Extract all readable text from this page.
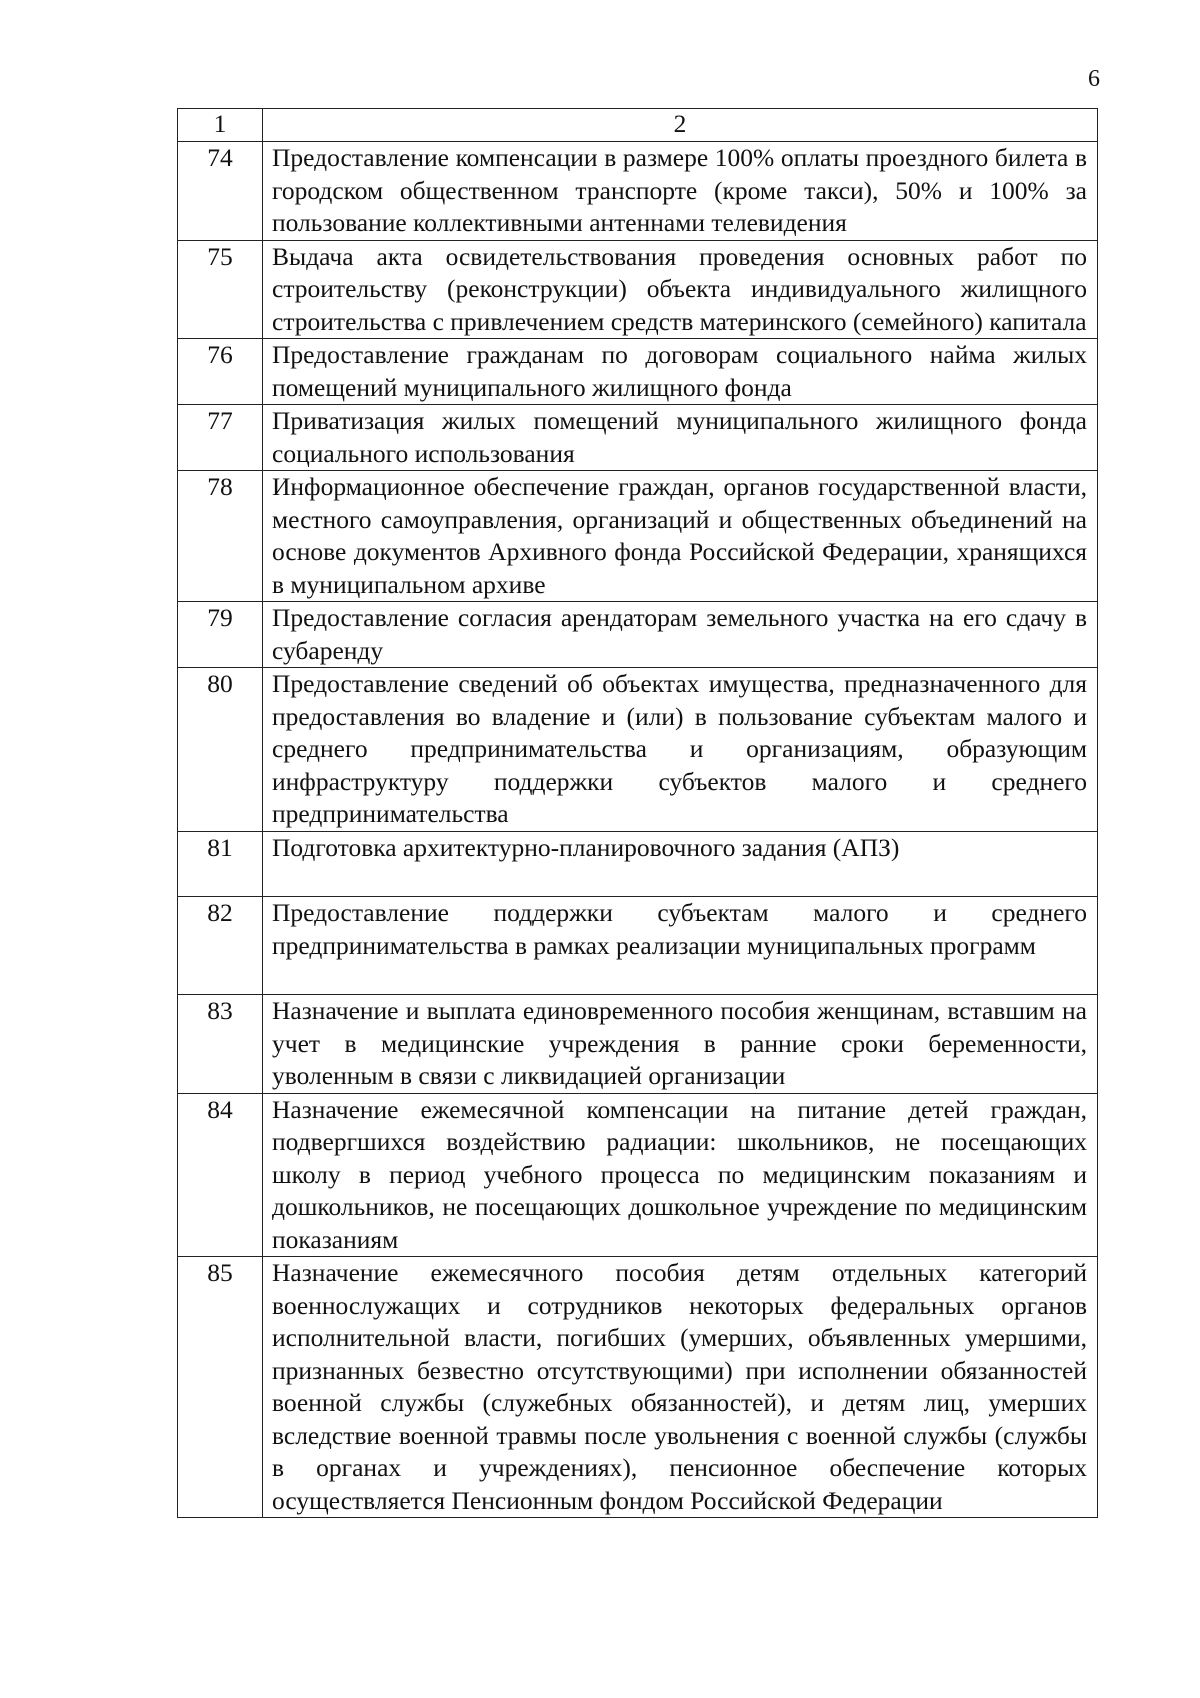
6
1	2
74	Предоставление компенсации в размере 100% оплаты проездного билета в городском общественном транспорте (кроме такси), 50% и 100% за пользование коллективными антеннами телевидения
75	Выдача акта освидетельствования проведения основных работ по строительству (реконструкции) объекта индивидуального жилищного строительства с привлечением средств материнского (семейного) капитала
76	Предоставление гражданам по договорам социального найма жилых помещений муниципального жилищного фонда
77	Приватизация жилых помещений муниципального жилищного фонда социального использования
78	Информационное обеспечение граждан, органов государственной власти, местного самоуправления, организаций и общественных объединений на основе документов Архивного фонда Российской Федерации, хранящихся в муниципальном архиве
79	Предоставление согласия арендаторам земельного участка на его сдачу в субаренду
80	Предоставление сведений об объектах имущества, предназначенного для предоставления во владение и (или) в пользование субъектам малого и среднего предпринимательства и организациям, образующим инфраструктуру поддержки субъектов малого и среднего предпринимательства
81	Подготовка архитектурно-планировочного задания (АПЗ)

82	Предоставление поддержки субъектам малого и среднего предпринимательства в рамках реализации муниципальных программ

83	Назначение и выплата единовременного пособия женщинам, вставшим на учет в медицинские учреждения в ранние сроки беременности, уволенным в связи с ликвидацией организации
84	Назначение ежемесячной компенсации на питание детей граждан, подвергшихся воздействию радиации: школьников, не посещающих школу в период учебного процесса по медицинским показаниям и дошкольников, не посещающих дошкольное учреждение по медицинским показаниям
85	Назначение ежемесячного пособия детям отдельных категорий военнослужащих и сотрудников некоторых федеральных органов исполнительной власти, погибших (умерших, объявленных умершими, признанных безвестно отсутствующими) при исполнении обязанностей военной службы (служебных обязанностей), и детям лиц, умерших вследствие военной травмы после увольнения с военной службы (службы в органах и учреждениях), пенсионное обеспечение которых осуществляется Пенсионным фондом Российской Федерации
